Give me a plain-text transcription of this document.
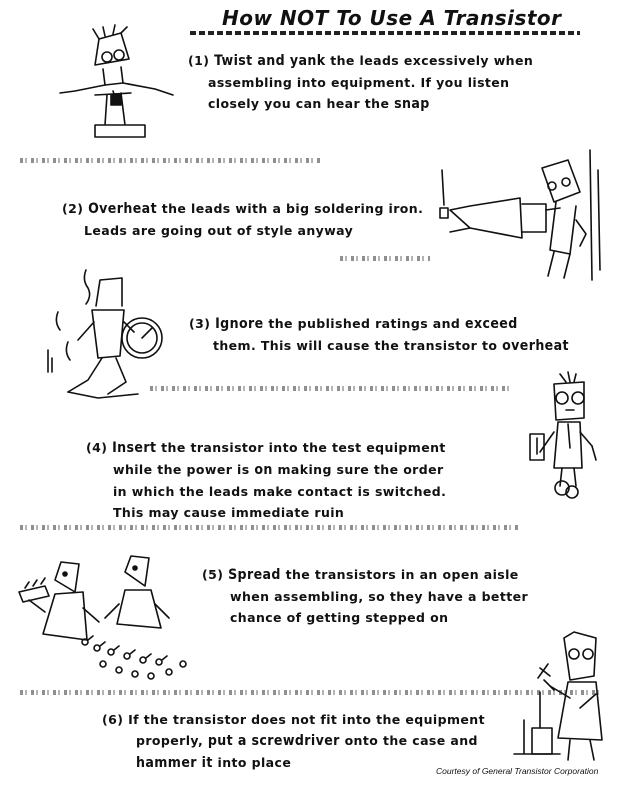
How NOT To Use A Transistor
(1) Twist and yank the leads excessively when
assembling into equipment. If you listen
closely you can hear the snap
(2) Overheat the leads with a big soldering iron.
Leads are going out of style anyway
(3) Ignore the published ratings and exceed
them. This will cause the transistor to overheat
(4) Insert the transistor into the test equipment
while the power is on making sure the order
in which the leads make contact is switched.
This may cause immediate ruin
(5) Spread the transistors in an open aisle
when assembling, so they have a better
chance of getting stepped on
(6) If the transistor does not fit into the equipment
properly, put a screwdriver onto the case and
hammer it into place
Courtesy of General Transistor Corporation
